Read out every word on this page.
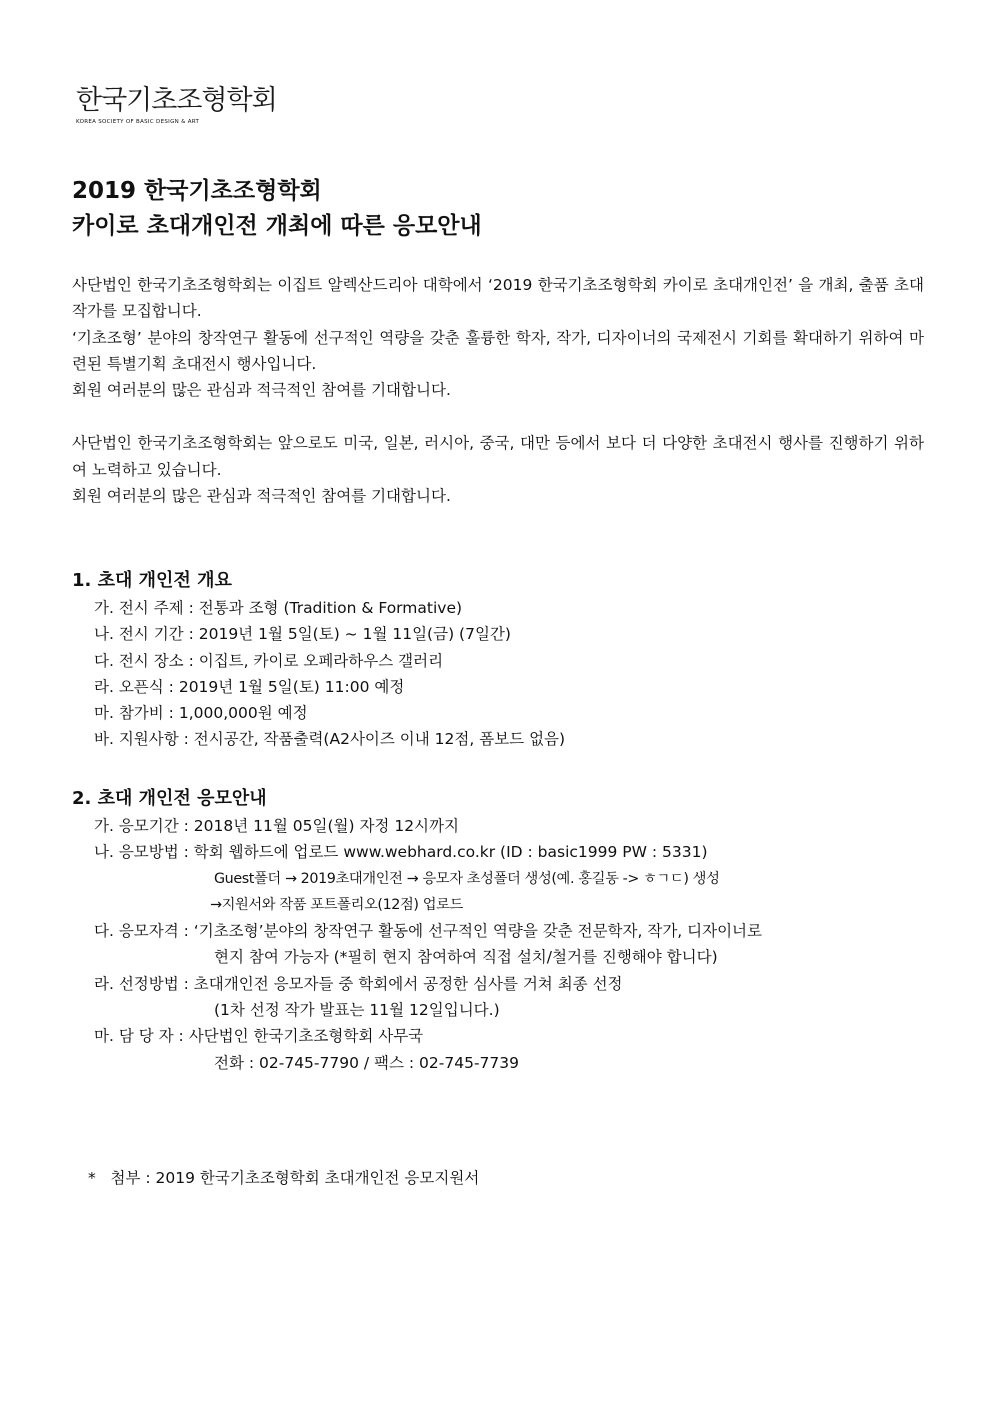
한국기초조형학회
KOREA SOCIETY OF BASIC DESIGN & ART
2019 한국기초조형학회
카이로 초대개인전 개최에 따른 응모안내

사단법인 한국기초조형학회는 이집트 알렉산드리아 대학에서 ‘2019 한국기초조형학회 카이로 초대개인전’ 을 개최, 출품 초대작가를 모집합니다.

‘기초조형’ 분야의 창작연구 활동에 선구적인 역량을 갖춘 훌륭한 학자, 작가, 디자이너의 국제전시 기회를 확대하기 위하여 마련된 특별기획 초대전시 행사입니다.

회원 여러분의 많은 관심과 적극적인 참여를 기대합니다.

사단법인 한국기초조형학회는 앞으로도 미국, 일본, 러시아, 중국, 대만 등에서 보다 더 다양한 초대전시 행사를 진행하기 위하여 노력하고 있습니다.

회원 여러분의 많은 관심과 적극적인 참여를 기대합니다.

1. 초대 개인전 개요
가. 전시 주제 : 전통과 조형 (Tradition & Formative)
나. 전시 기간 : 2019년 1월 5일(토) ~ 1월 11일(금) (7일간)
다. 전시 장소 : 이집트, 카이로 오페라하우스 갤러리
라. 오픈식 : 2019년 1월 5일(토) 11:00 예정
마. 참가비 : 1,000,000원 예정
바. 지원사항 : 전시공간, 작품출력(A2사이즈 이내 12점, 폼보드 없음)
2. 초대 개인전 응모안내
가. 응모기간 : 2018년 11월 05일(월) 자정 12시까지
나. 응모방법 : 학회 웹하드에 업로드 www.webhard.co.kr (ID : basic1999 PW : 5331)
Guest폴더 → 2019초대개인전 → 응모자 초성폴더 생성(예. 홍길동 -> ㅎㄱㄷ) 생성
→지원서와 작품 포트폴리오(12점) 업로드
다. 응모자격 : ‘기초조형’분야의 창작연구 활동에 선구적인 역량을 갖춘 전문학자, 작가, 디자이너로
현지 참여 가능자 (*필히 현지 참여하여 직접 설치/철거를 진행해야 합니다)
라. 선정방법 : 초대개인전 응모자들 중 학회에서 공정한 심사를 거쳐 최종 선정
(1차 선정 작가 발표는 11월 12일입니다.)
마. 담 당 자 : 사단법인 한국기초조형학회 사무국
전화 : 02-745-7790 / 팩스 : 02-745-7739
*   첨부 : 2019 한국기초조형학회 초대개인전 응모지원서
